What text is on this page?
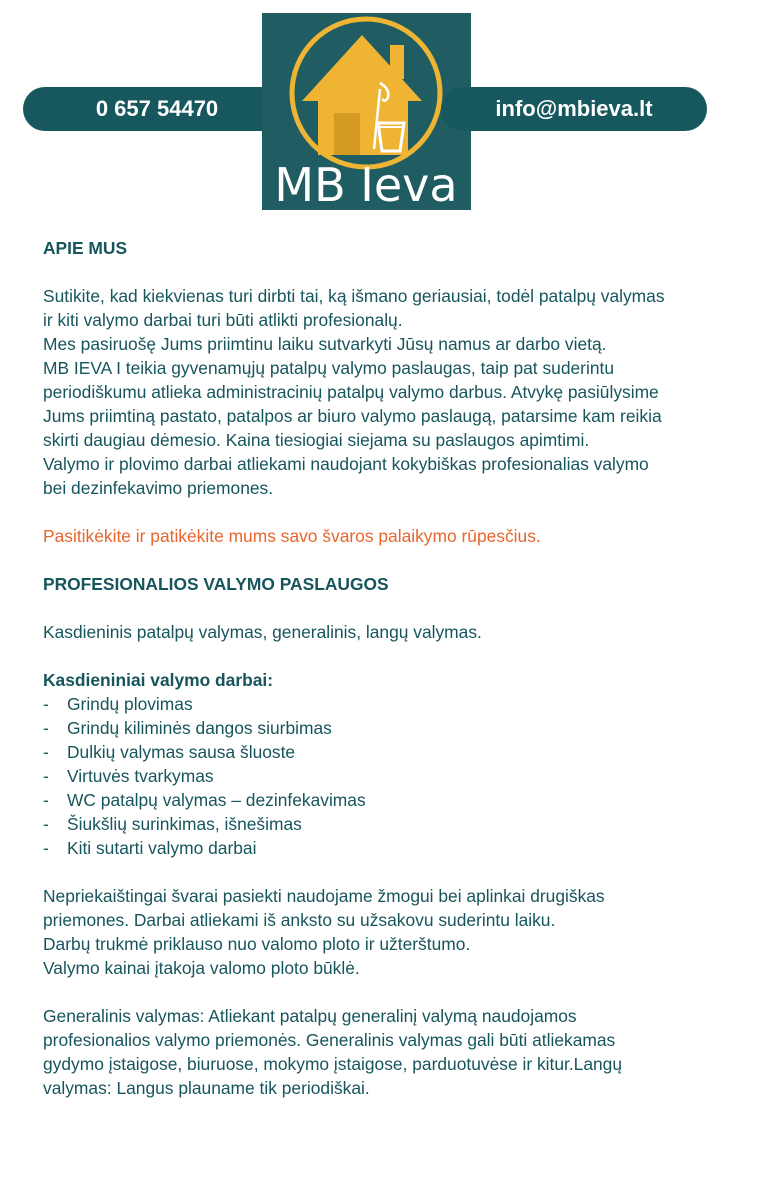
0 657 54470
MB Ieva
info@mbieva.lt

APIE MUS

Sutikite, kad kiekvienas turi dirbti tai, ką išmano geriausiai, todėl patalpų valymas

ir kiti valymo darbai turi būti atlikti profesionalų.

Mes pasiruošę Jums priimtinu laiku sutvarkyti Jūsų namus ar darbo vietą.

MB IEVA I teikia gyvenamųjų patalpų valymo paslaugas, taip pat suderintu

periodiškumu atlieka administracinių patalpų valymo darbus. Atvykę pasiūlysime

Jums priimtiną pastato, patalpos ar biuro valymo paslaugą, patarsime kam reikia

skirti daugiau dėmesio. Kaina tiesiogiai siejama su paslaugos apimtimi.

Valymo ir plovimo darbai atliekami naudojant kokybiškas profesionalias valymo

bei dezinfekavimo priemones.

Pasitikėkite ir patikėkite mums savo švaros palaikymo rūpesčius.

PROFESIONALIOS VALYMO PASLAUGOS

Kasdieninis patalpų valymas, generalinis, langų valymas.

Kasdieniniai valymo darbai:

-	Grindų plovimas
-	Grindų kiliminės dangos siurbimas
-	Dulkių valymas sausa šluoste
-	Virtuvės tvarkymas
-	WC patalpų valymas – dezinfekavimas
-	Šiukšlių surinkimas, išnešimas
-	Kiti sutarti valymo darbai

Nepriekaištingai švarai pasiekti naudojame žmogui bei aplinkai drugiškas

priemones. Darbai atliekami iš anksto su užsakovu suderintu laiku.

Darbų trukmė priklauso nuo valomo ploto ir užterštumo.

Valymo kainai įtakoja valomo ploto būklė.

Generalinis valymas: Atliekant patalpų generalinį valymą naudojamos

profesionalios valymo priemonės. Generalinis valymas gali būti atliekamas

gydymo įstaigose, biuruose, mokymo įstaigose, parduotuvėse ir kitur.Langų

valymas: Langus plauname tik periodiškai.
